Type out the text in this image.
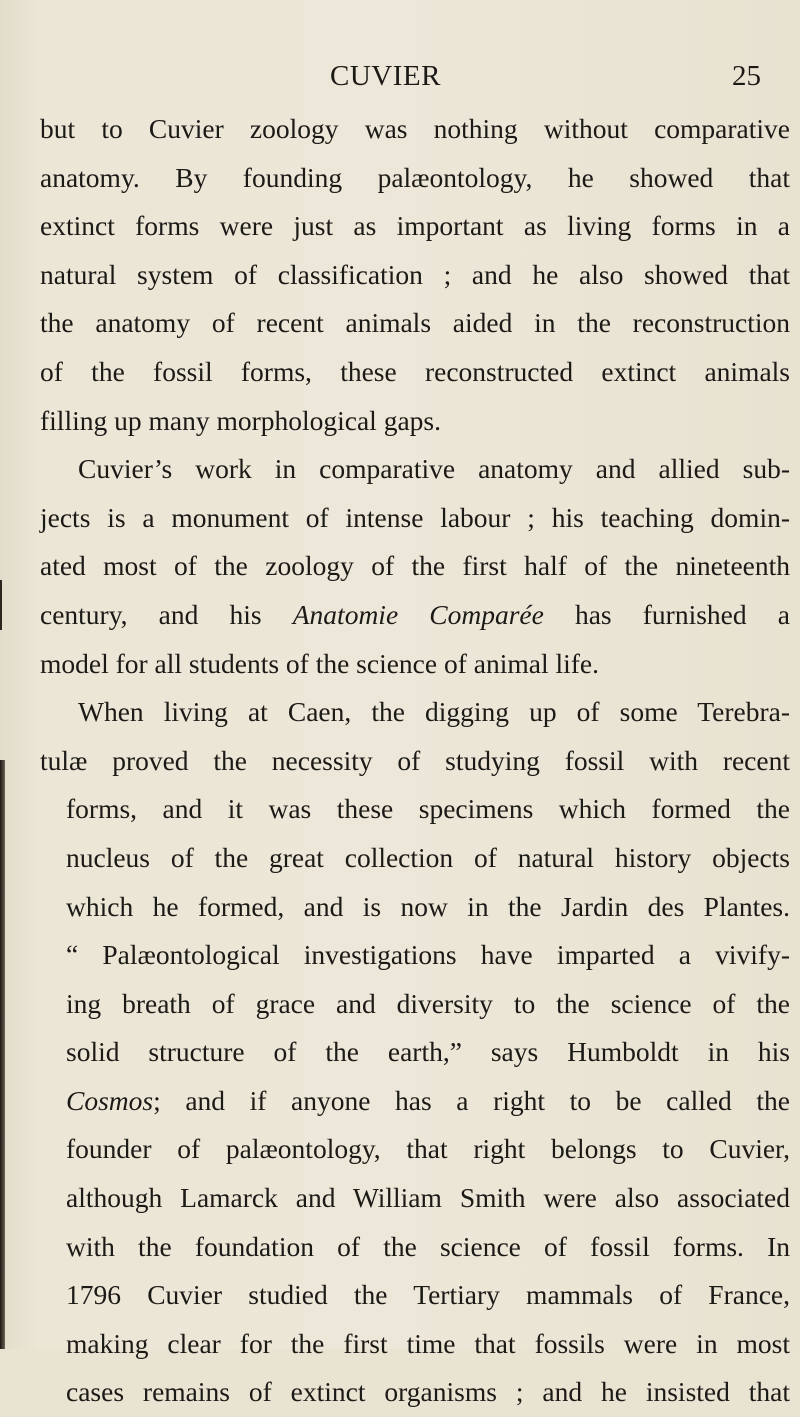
CUVIER	25
but to Cuvier zoology was nothing without comparative
anatomy. By founding palæontology, he showed that
extinct forms were just as important as living forms in a
natural system of classification ; and he also showed that
the anatomy of recent animals aided in the reconstruction
of the fossil forms, these reconstructed extinct animals
filling up many morphological gaps.
Cuvier’s work in comparative anatomy and allied sub-
jects is a monument of intense labour ; his teaching domin-
ated most of the zoology of the first half of the nineteenth
century, and his Anatomie Comparée has furnished a
model for all students of the science of animal life.
When living at Caen, the digging up of some Terebra-
tulæ proved the necessity of studying fossil with recent
forms, and it was these specimens which formed the
nucleus of the great collection of natural history objects
which he formed, and is now in the Jardin des Plantes.
“ Palæontological investigations have imparted a vivify-
ing breath of grace and diversity to the science of the
solid structure of the earth,” says Humboldt in his
Cosmos; and if anyone has a right to be called the
founder of palæontology, that right belongs to Cuvier,
although Lamarck and William Smith were also associated
with the foundation of the science of fossil forms. In
1796 Cuvier studied the Tertiary mammals of France,
making clear for the first time that fossils were in most
cases remains of extinct organisms ; and he insisted that
